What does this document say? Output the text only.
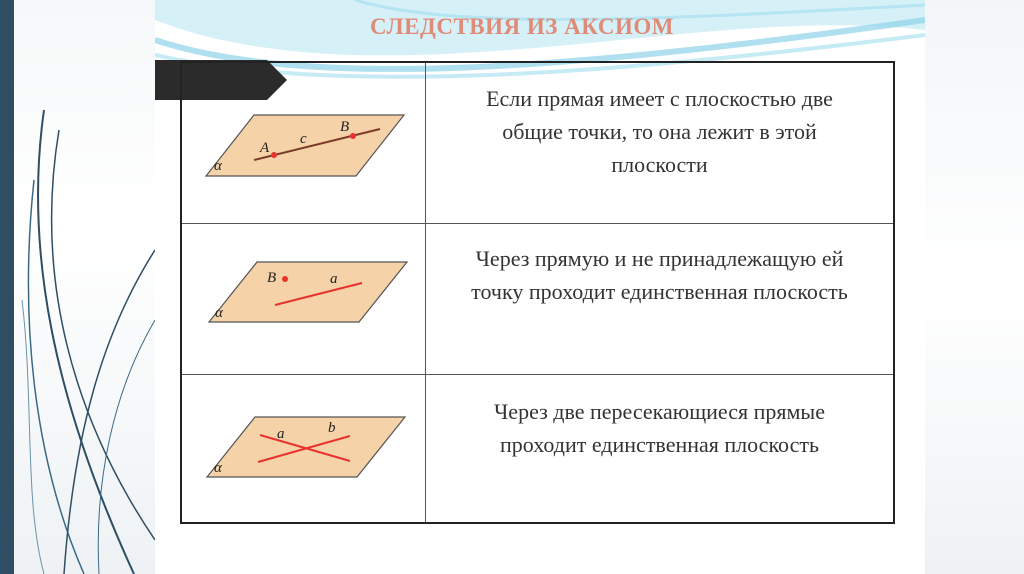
СЛЕДСТВИЯ ИЗ АКСИОМ
α
A
c
B
Если прямая имеет с плоскостью две
общие точки, то она лежит в этой
плоскости
α
B	a
Через прямую и не принадлежащую ей
точку проходит единственная плоскость
α
a	b
Через две пересекающиеся прямые
проходит единственная плоскость
